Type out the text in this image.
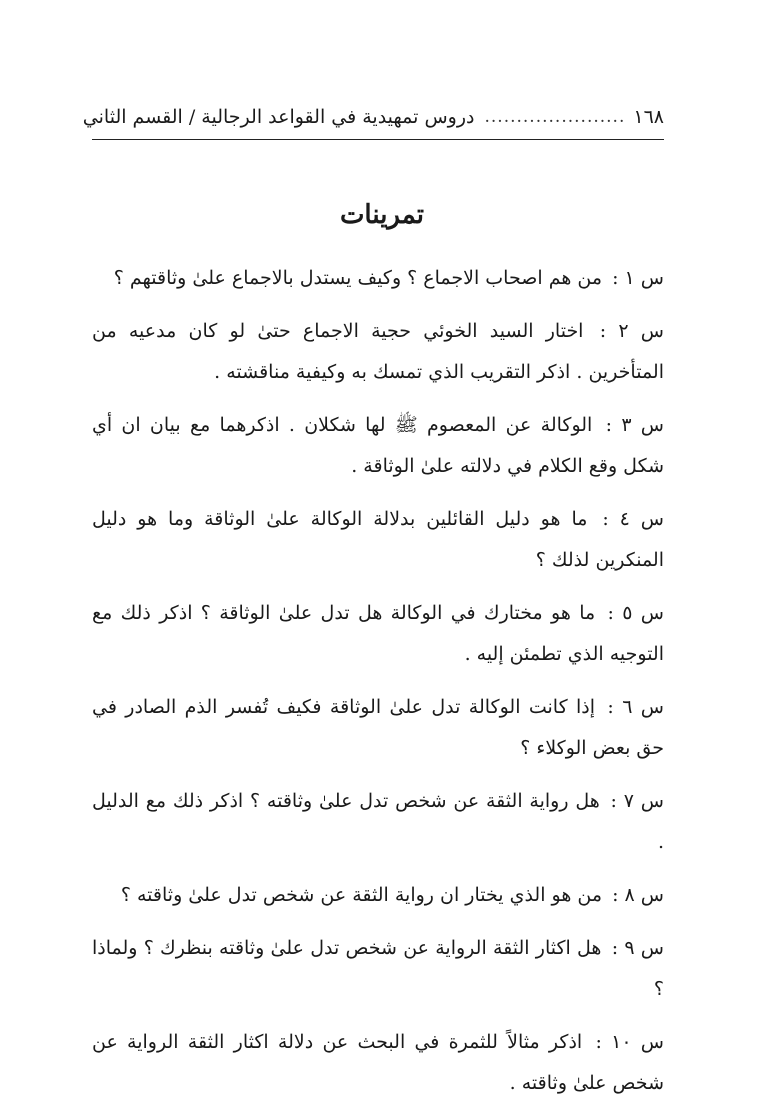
١٦٨
......................
دروس تمهيدية في القواعد الرجالية / القسم الثاني
تمرينات

س ١ : من هم اصحاب الاجماع ؟ وكيف يستدل بالاجماع علىٰ وثاقتهم ؟

س ٢ : اختار السيد الخوئي حجية الاجماع حتىٰ لو كان مدعيه من المتأخرين . اذكر التقريب الذي تمسك به وكيفية مناقشته .

س ٣ : الوكالة عن المعصوم ﷺ لها شكلان . اذكرهما مع بيان ان أي شكل وقع الكلام في دلالته علىٰ الوثاقة .

س ٤ : ما هو دليل القائلين بدلالة الوكالة علىٰ الوثاقة وما هو دليل المنكرين لذلك ؟

س ٥ : ما هو مختارك في الوكالة هل تدل علىٰ الوثاقة ؟ اذكر ذلك مع التوجيه الذي تطمئن إليه .

س ٦ : إذا كانت الوكالة تدل علىٰ الوثاقة فكيف تُفسر الذم الصادر في حق بعض الوكلاء ؟

س ٧ : هل رواية الثقة عن شخص تدل علىٰ وثاقته ؟ اذكر ذلك مع الدليل .

س ٨ : من هو الذي يختار ان رواية الثقة عن شخص تدل علىٰ وثاقته ؟

س ٩ : هل اكثار الثقة الرواية عن شخص تدل علىٰ وثاقته بنظرك ؟ ولماذا ؟

س ١٠ : اذكر مثالاً للثمرة في البحث عن دلالة اكثار الثقة الرواية عن شخص علىٰ وثاقته .
